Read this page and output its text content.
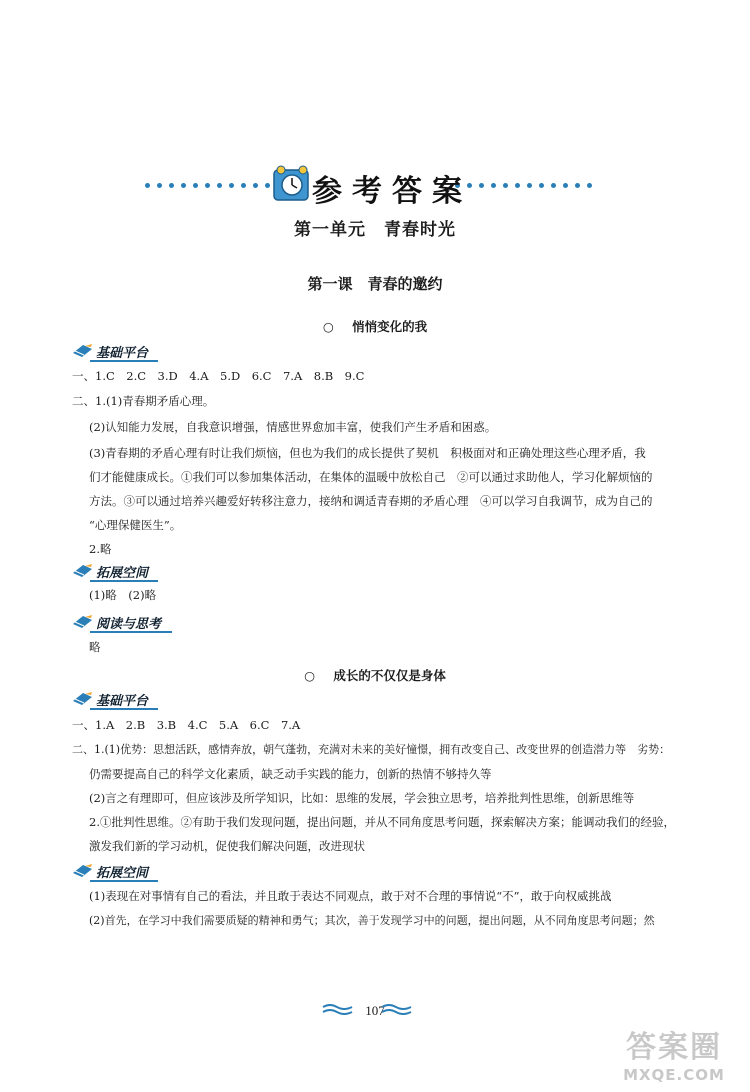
参考答案
第一单元　青春时光
第一课　青春的邀约
○ 悄悄变化的我
基础平台
一、1.C　2.C　3.D　4.A　5.D　6.C　7.A　8.B　9.C
二、1.(1)青春期矛盾心理。
(2)认知能力发展，自我意识增强，情感世界愈加丰富，使我们产生矛盾和困惑。
(3)青春期的矛盾心理有时让我们烦恼，但也为我们的成长提供了契机　积极面对和正确处理这些心理矛盾，我
们才能健康成长。①我们可以参加集体活动，在集体的温暖中放松自己　②可以通过求助他人，学习化解烦恼的
方法。③可以通过培养兴趣爱好转移注意力，接纳和调适青春期的矛盾心理　④可以学习自我调节，成为自己的
“心理保健医生”。
2.略
拓展空间
(1)略　(2)略
阅读与思考
略
○ 成长的不仅仅是身体
基础平台
一、1.A　2.B　3.B　4.C　5.A　6.C　7.A
二、1.(1)优势：思想活跃，感情奔放，朝气蓬勃，充满对未来的美好憧憬，拥有改变自己、改变世界的创造潜力等　劣势：
仍需要提高自己的科学文化素质，缺乏动手实践的能力，创新的热情不够持久等
(2)言之有理即可，但应该涉及所学知识，比如：思维的发展，学会独立思考，培养批判性思维，创新思维等
2.①批判性思维。②有助于我们发现问题，提出问题，并从不同角度思考问题，探索解决方案；能调动我们的经验，
激发我们新的学习动机，促使我们解决问题，改进现状
拓展空间
(1)表现在对事情有自己的看法，并且敢于表达不同观点，敢于对不合理的事情说“不”，敢于向权威挑战
(2)首先，在学习中我们需要质疑的精神和勇气；其次，善于发现学习中的问题，提出问题，从不同角度思考问题；然
107
答案圈
MXQE.COM
